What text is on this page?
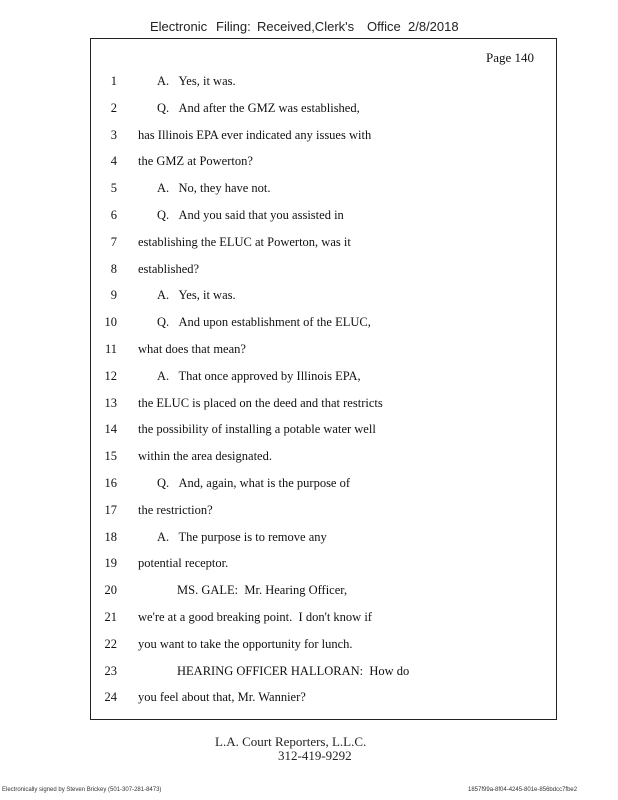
Electronic Filing: Received,Clerk's Office 2/8/2018
Page 140
1	A.   Yes, it was.
2	Q.   And after the GMZ was established,
3 has Illinois EPA ever indicated any issues with
4 the GMZ at Powerton?
5	A.   No, they have not.
6	Q.   And you said that you assisted in
7 establishing the ELUC at Powerton, was it
8 established?
9	A.   Yes, it was.
10	Q.   And upon establishment of the ELUC,
11 what does that mean?
12	A.   That once approved by Illinois EPA,
13 the ELUC is placed on the deed and that restricts
14 the possibility of installing a potable water well
15 within the area designated.
16	Q.   And, again, what is the purpose of
17 the restriction?
18	A.   The purpose is to remove any
19 potential receptor.
20	MS. GALE:  Mr. Hearing Officer,
21 we're at a good breaking point.  I don't know if
22 you want to take the opportunity for lunch.
23	HEARING OFFICER HALLORAN:  How do
24 you feel about that, Mr. Wannier?
L.A. Court Reporters, L.L.C.
312-419-9292
Electronically signed by Steven Brickey (501-307-281-8473)	1857f99a-8f04-4245-801e-856bdcc7fbe2
